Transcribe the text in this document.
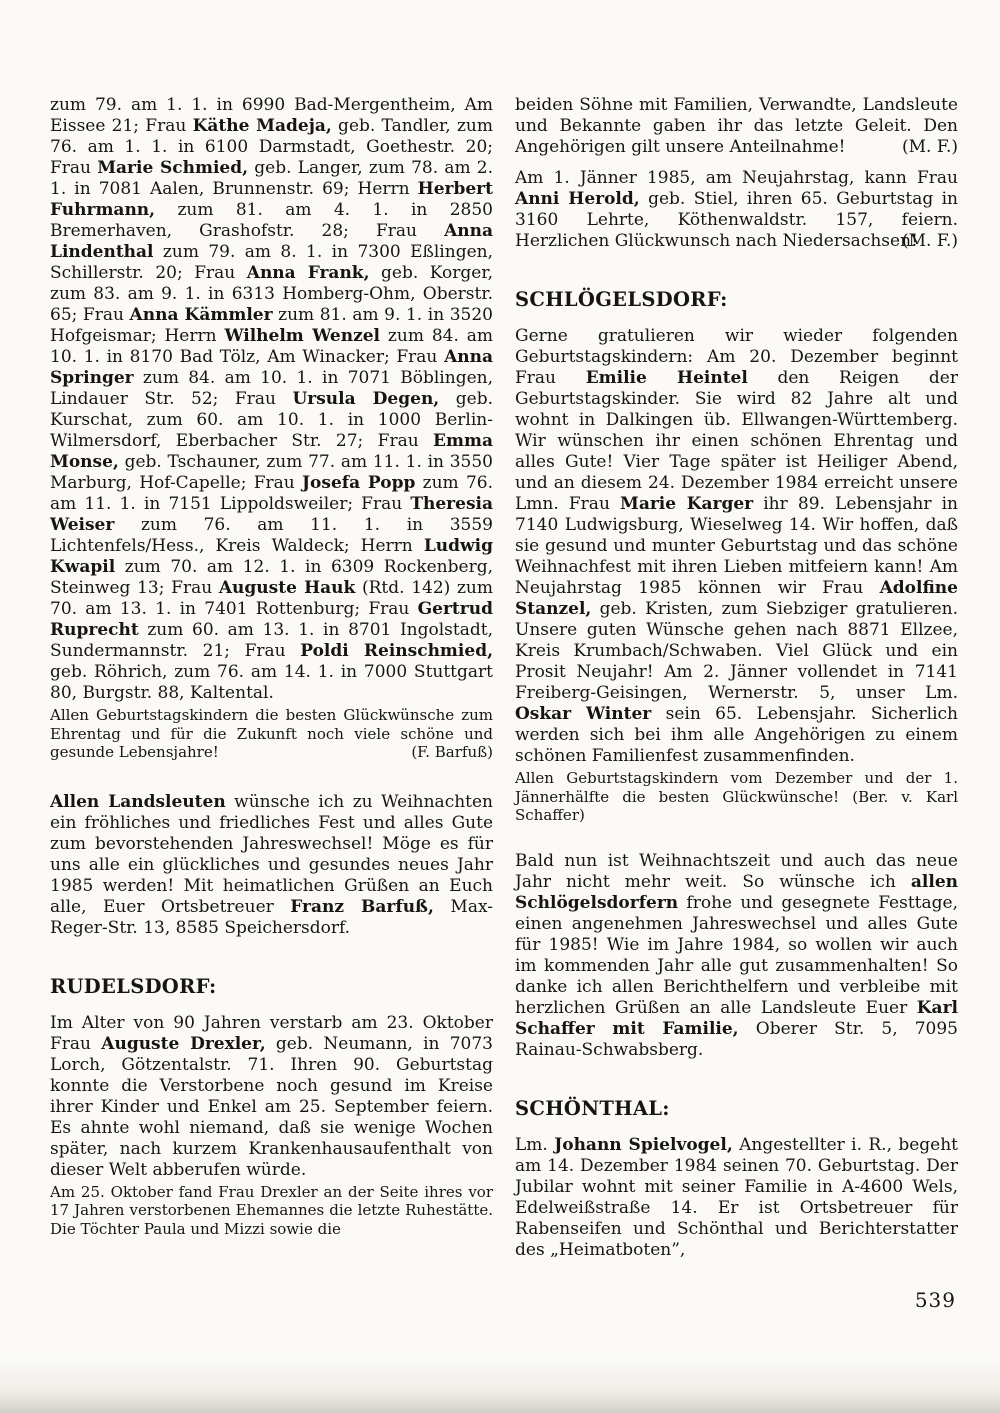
zum 79. am 1. 1. in 6990 Bad-Mergentheim, Am Eissee 21; Frau Käthe Madeja, geb. Tandler, zum 76. am 1. 1. in 6100 Darmstadt, Goethestr. 20; Frau Marie Schmied, geb. Langer, zum 78. am 2. 1. in 7081 Aalen, Brunnenstr. 69; Herrn Herbert Fuhrmann, zum 81. am 4. 1. in 2850 Bremerhaven, Grashofstr. 28; Frau Anna Lindenthal zum 79. am 8. 1. in 7300 Eßlingen, Schillerstr. 20; Frau Anna Frank, geb. Korger, zum 83. am 9. 1. in 6313 Homberg-Ohm, Oberstr. 65; Frau Anna Kämmler zum 81. am 9. 1. in 3520 Hofgeismar; Herrn Wilhelm Wenzel zum 84. am 10. 1. in 8170 Bad Tölz, Am Winacker; Frau Anna Springer zum 84. am 10. 1. in 7071 Böblingen, Lindauer Str. 52; Frau Ursula Degen, geb. Kurschat, zum 60. am 10. 1. in 1000 Berlin-Wilmersdorf, Eberbacher Str. 27; Frau Emma Monse, geb. Tschauner, zum 77. am 11. 1. in 3550 Marburg, Hof-Capelle; Frau Josefa Popp zum 76. am 11. 1. in 7151 Lippoldsweiler; Frau Theresia Weiser zum 76. am 11. 1. in 3559 Lichtenfels/Hess., Kreis Waldeck; Herrn Ludwig Kwapil zum 70. am 12. 1. in 6309 Rockenberg, Steinweg 13; Frau Auguste Hauk (Rtd. 142) zum 70. am 13. 1. in 7401 Rottenburg; Frau Gertrud Ruprecht zum 60. am 13. 1. in 8701 Ingolstadt, Sundermannstr. 21; Frau Poldi Reinschmied, geb. Röhrich, zum 76. am 14. 1. in 7000 Stuttgart 80, Burgstr. 88, Kaltental.

Allen Geburtstagskindern die besten Glückwünsche zum Ehrentag und für die Zukunft noch viele schöne und gesunde Lebensjahre!	(F. Barfuß)

Allen Landsleuten wünsche ich zu Weihnachten ein fröhliches und friedliches Fest und alles Gute zum bevorstehenden Jahreswechsel! Möge es für uns alle ein glückliches und gesundes neues Jahr 1985 werden! Mit heimatlichen Grüßen an Euch alle, Euer Ortsbetreuer Franz Barfuß, Max-Reger-Str. 13, 8585 Speichersdorf.

RUDELSDORF:

Im Alter von 90 Jahren verstarb am 23. Oktober Frau Auguste Drexler, geb. Neumann, in 7073 Lorch, Götzentalstr. 71. Ihren 90. Geburtstag konnte die Verstorbene noch gesund im Kreise ihrer Kinder und Enkel am 25. September feiern. Es ahnte wohl niemand, daß sie wenige Wochen später, nach kurzem Krankenhausaufenthalt von dieser Welt abberufen würde.

Am 25. Oktober fand Frau Drexler an der Seite ihres vor 17 Jahren verstorbenen Ehemannes die letzte Ruhestätte. Die Töchter Paula und Mizzi sowie die

beiden Söhne mit Familien, Verwandte, Landsleute und Bekannte gaben ihr das letzte Geleit. Den Angehörigen gilt unsere Anteilnahme!	(M. F.)

Am 1. Jänner 1985, am Neujahrstag, kann Frau Anni Herold, geb. Stiel, ihren 65. Geburtstag in 3160 Lehrte, Köthenwaldstr. 157, feiern. Herzlichen Glückwunsch nach Niedersachsen!
(M. F.)

SCHLÖGELSDORF:

Gerne gratulieren wir wieder folgenden Geburtstagskindern: Am 20. Dezember beginnt Frau Emilie Heintel den Reigen der Geburtstagskinder. Sie wird 82 Jahre alt und wohnt in Dalkingen üb. Ellwangen-Württemberg. Wir wünschen ihr einen schönen Ehrentag und alles Gute! Vier Tage später ist Heiliger Abend, und an diesem 24. Dezember 1984 erreicht unsere Lmn. Frau Marie Karger ihr 89. Lebensjahr in 7140 Ludwigsburg, Wieselweg 14. Wir hoffen, daß sie gesund und munter Geburtstag und das schöne Weihnachfest mit ihren Lieben mitfeiern kann! Am Neujahrstag 1985 können wir Frau Adolfine Stanzel, geb. Kristen, zum Siebziger gratulieren. Unsere guten Wünsche gehen nach 8871 Ellzee, Kreis Krumbach/Schwaben. Viel Glück und ein Prosit Neujahr! Am 2. Jänner vollendet in 7141 Freiberg-Geisingen, Wernerstr. 5, unser Lm. Oskar Winter sein 65. Lebensjahr. Sicherlich werden sich bei ihm alle Angehörigen zu einem schönen Familienfest zusammenfinden.

Allen Geburtstagskindern vom Dezember und der 1. Jännerhälfte die besten Glückwünsche! (Ber. v. Karl Schaffer)

Bald nun ist Weihnachtszeit und auch das neue Jahr nicht mehr weit. So wünsche ich allen Schlögelsdorfern frohe und gesegnete Festtage, einen angenehmen Jahreswechsel und alles Gute für 1985! Wie im Jahre 1984, so wollen wir auch im kommenden Jahr alle gut zusammenhalten! So danke ich allen Berichthelfern und verbleibe mit herzlichen Grüßen an alle Landsleute Euer Karl Schaffer mit Familie, Oberer Str. 5, 7095 Rainau-Schwabsberg.

SCHÖNTHAL:

Lm. Johann Spielvogel, Angestellter i. R., begeht am 14. Dezember 1984 seinen 70. Geburtstag. Der Jubilar wohnt mit seiner Familie in A-4600 Wels, Edelweißstraße 14. Er ist Ortsbetreuer für Rabenseifen und Schönthal und Berichterstatter des „Heimatboten”,

539
